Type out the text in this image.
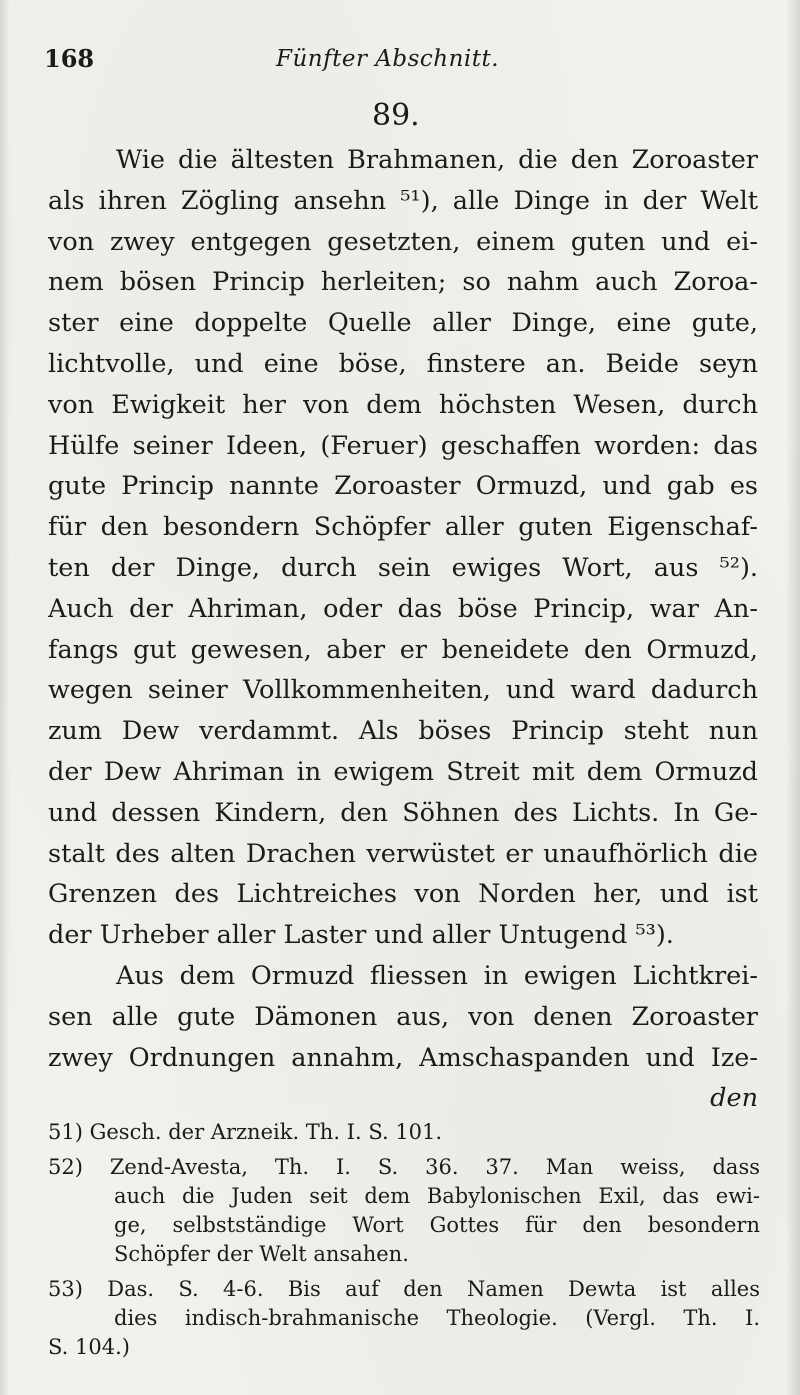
168	Fünfter Abschnitt.
89.
Wie die ältesten Brahmanen, die den Zoroaster
als ihren Zögling ansehn ⁵¹), alle Dinge in der Welt
von zwey entgegen gesetzten, einem guten und ei-
nem bösen Princip herleiten; so nahm auch Zoroa-
ster eine doppelte Quelle aller Dinge, eine gute,
lichtvolle, und eine böse, finstere an. Beide seyn
von Ewigkeit her von dem höchsten Wesen, durch
Hülfe seiner Ideen, (Feruer) geschaffen worden: das
gute Princip nannte Zoroaster Ormuzd, und gab es
für den besondern Schöpfer aller guten Eigenschaf-
ten der Dinge, durch sein ewiges Wort, aus ⁵²).
Auch der Ahriman, oder das böse Princip, war An-
fangs gut gewesen, aber er beneidete den Ormuzd,
wegen seiner Vollkommenheiten, und ward dadurch
zum Dew verdammt. Als böses Princip steht nun
der Dew Ahriman in ewigem Streit mit dem Ormuzd
und dessen Kindern, den Söhnen des Lichts. In Ge-
stalt des alten Drachen verwüstet er unaufhörlich die
Grenzen des Lichtreiches von Norden her, und ist
der Urheber aller Laster und aller Untugend ⁵³).
Aus dem Ormuzd fliessen in ewigen Lichtkrei-
sen alle gute Dämonen aus, von denen Zoroaster
zwey Ordnungen annahm, Amschaspanden und Ize-
den
51) Gesch. der Arzneik. Th. I. S. 101.
52) Zend-Avesta, Th. I. S. 36. 37. Man weiss, dass
auch die Juden seit dem Babylonischen Exil, das ewi-
ge, selbstständige Wort Gottes für den besondern
Schöpfer der Welt ansahen.
53) Das. S. 4-6. Bis auf den Namen Dewta ist alles
dies indisch-brahmanische Theologie. (Vergl. Th. I.
S. 104.)
